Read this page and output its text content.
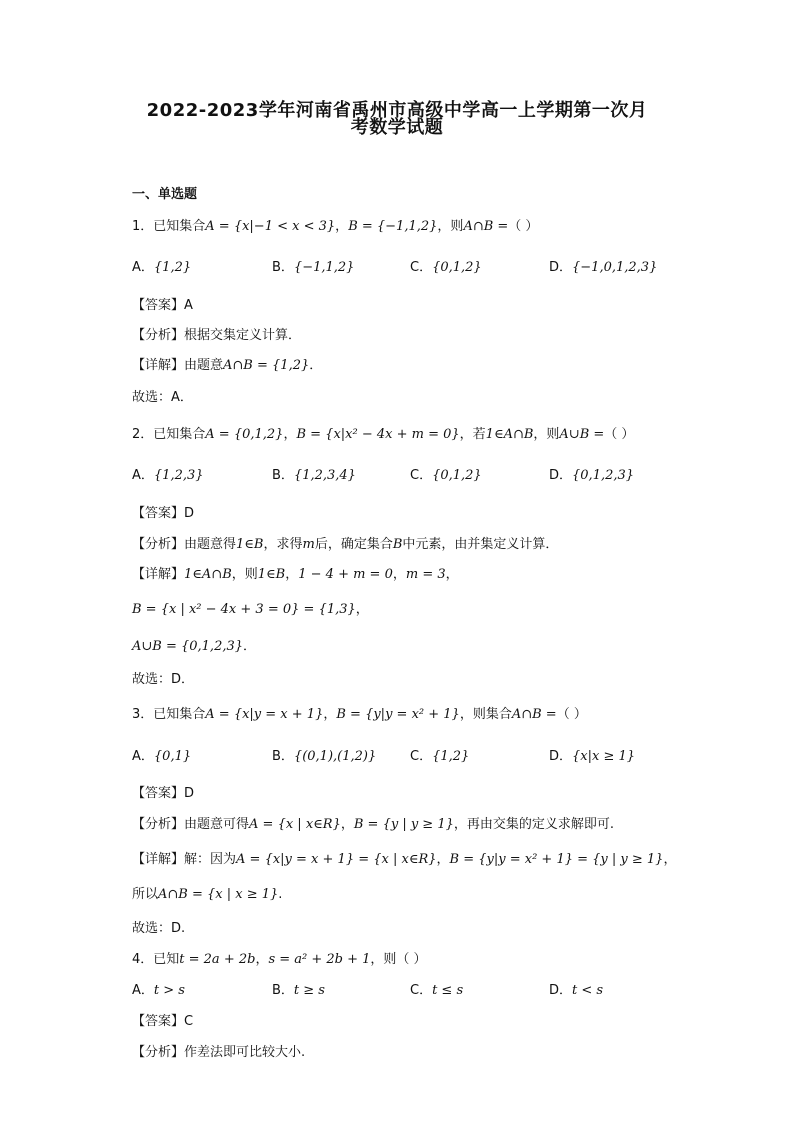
2022-2023学年河南省禹州市高级中学高一上学期第一次月
考数学试题
一、单选题
1．已知集合A = {x|−1 < x < 3}，B = {−1,1,2}，则A∩B =（ ）
A．{1,2}	B．{−1,1,2}	C．{0,1,2}	D．{−1,0,1,2,3}
【答案】A
【分析】根据交集定义计算．
【详解】由题意A∩B = {1,2}．
故选：A．
2．已知集合A = {0,1,2}，B = {x|x² − 4x + m = 0}，若1∈A∩B，则A∪B =（ ）
A．{1,2,3}	B．{1,2,3,4}	C．{0,1,2}	D．{0,1,2,3}
【答案】D
【分析】由题意得1∈B，求得m后，确定集合B中元素，由并集定义计算．
【详解】1∈A∩B，则1∈B，1 − 4 + m = 0，m = 3，
B = {x | x² − 4x + 3 = 0} = {1,3}，
A∪B = {0,1,2,3}．
故选：D．
3．已知集合A = {x|y = x + 1}，B = {y|y = x² + 1}，则集合A∩B =（ ）
A．{0,1}	B．{(0,1),(1,2)}	C．{1,2}	D．{x|x ≥ 1}
【答案】D
【分析】由题意可得A = {x | x∈R}，B = {y | y ≥ 1}，再由交集的定义求解即可.
【详解】解：因为A = {x|y = x + 1} = {x | x∈R}，B = {y|y = x² + 1} = {y | y ≥ 1}，
所以A∩B = {x | x ≥ 1}.
故选：D.
4．已知t = 2a + 2b，s = a² + 2b + 1，则（ ）
A．t > s	B．t ≥ s	C．t ≤ s	D．t < s
【答案】C
【分析】作差法即可比较大小.
